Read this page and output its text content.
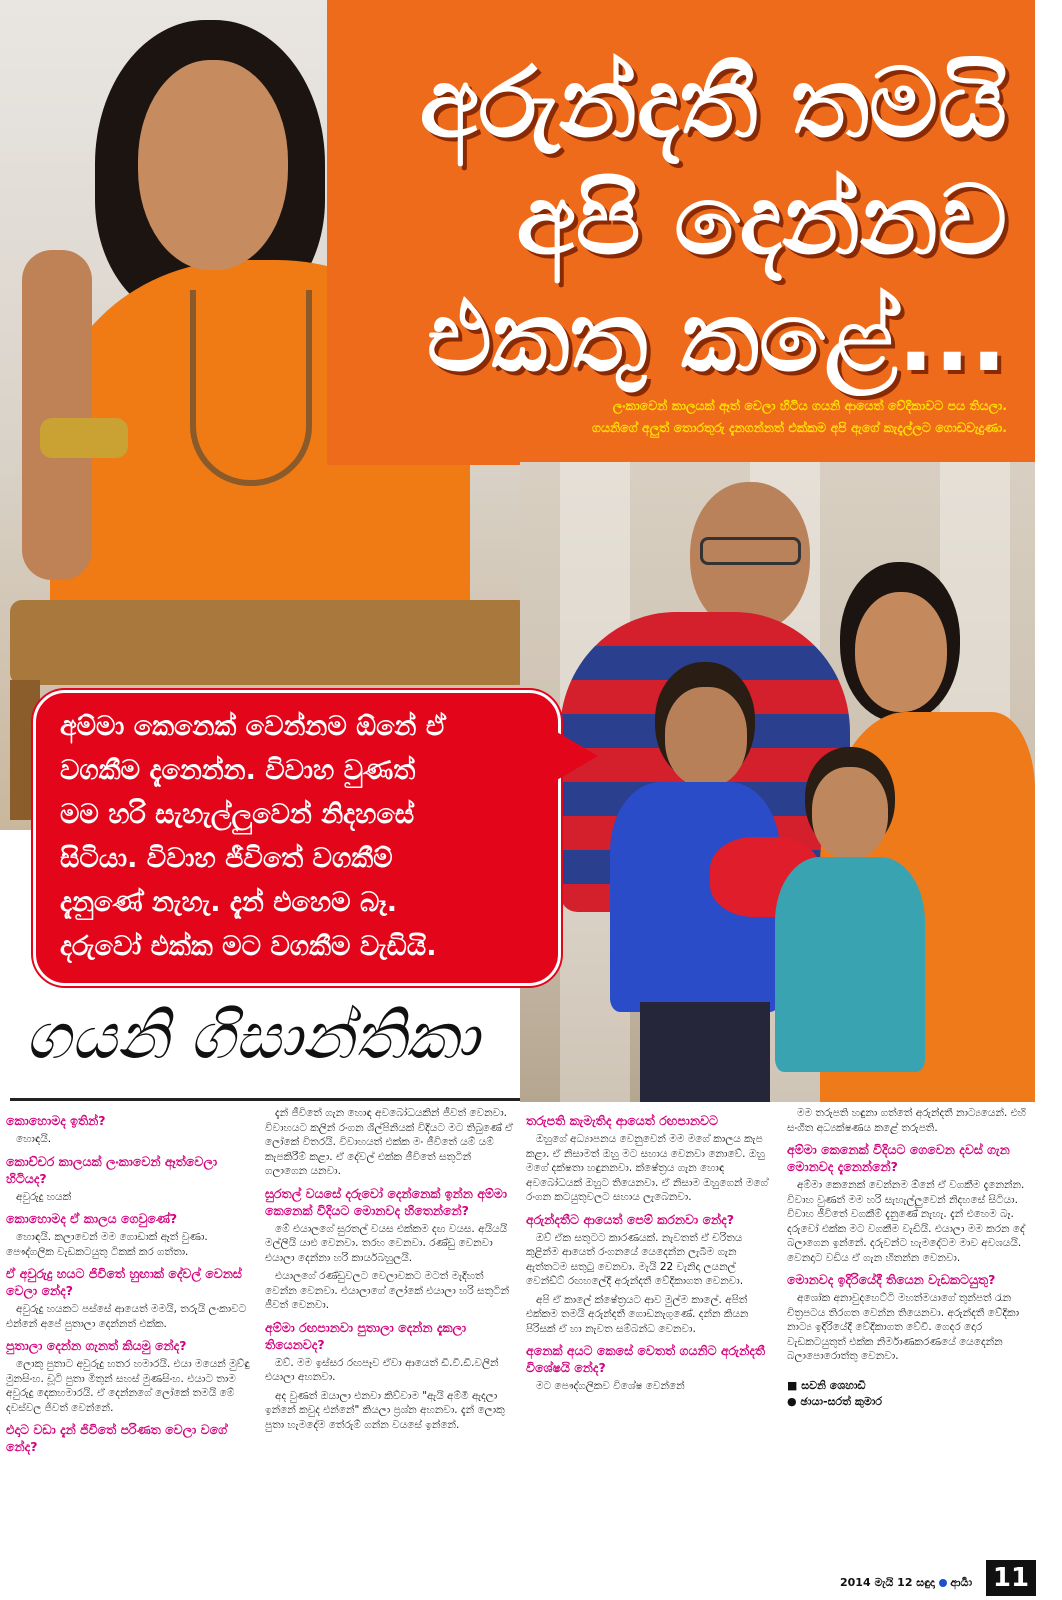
අරුන්දතී තමයි
අපි දෙන්නව
එකතු කළේ...
ලංකාවෙන් කාලයක් ඈත් වෙලා හිටිය ගයනි ආයෙත් වේදිකාවට පය තියලා.
ගයනිගේ අලුත් තොරතුරු දැනගන්නත් එක්කම අපි ඇගේ කැදැල්ලට ගොඩවැදුණා.
අම්මා කෙනෙක් වෙන්නම ඕනේ ඒ
වගකීම දැනෙන්න. විවාහ වුණත්
මම හරි සැහැල්ලුවෙන් නිදහසේ
සිටියා. විවාහ ජීවිතේ වගකීම්
දැනුණේ නැහැ. දැන් එහෙම බෑ.
දරුවෝ එක්ක මට වගකීම වැඩියි.
ගයනි ගිසාන්තිකා
කොහොමද ඉතින්?
හොඳයි.
කොච්චර කාලයක් ලංකාවෙන් ඈත්වෙලා හිටියද?
අවුරුදු හයක්
කොහොමද ඒ කාලය ගෙවුණේ?
හොඳයි. කලාවෙන් මම ගොඩාක් ඈත් වුණා. පෞද්ගලික වැඩකටයුතු ටිකක් කර ගත්තා.
ඒ අවුරුදු හයට ජිවිතේ හුඟාක් දේවල් වෙනස් වෙලා නේද?
අවුරුදු හයකට පස්සේ ආයෙත් මමයි, තරුයි ලංකාවට එන්නේ අපේ පුතාලා දෙන්නත් එක්ක.
පුතාලා දෙන්න ගැනත් කියමු නේද?
ලොකු පුතාට අවුරුදු හතර හමාරයි. එයා මයෙන් මුව්ඳු මුනසිංහ. චූටි පුතා මිතුන් සහස් මුණසිංහ. එයාට තාම අවුරුදු දෙකහමාරයි. ඒ දෙන්නගේ ලෝකේ තමයි මේ දවස්වල ජිවත් වෙන්නේ.
එදාට වඩා දැන් ජිවිතේ පරිණත වෙලා වගේ නේද?
දැන් ජීවිතේ ගැන හොඳ අවබෝධයකින් ජීවත් වෙනවා. විවාහයට කලින් රංගන ශිල්පිනියක් විදියට මට තිබුණේ ඒ ලෝකේ විතරයි. විවාහයත් එක්ක මං ජීවිතේ යම් යම් කැපකිරීම් කළා. ඒ දේවල් එක්ක ජීවිතේ සතුටින් ගලාගෙන යනවා.
සුරතල් වයසේ දරුවෝ දෙන්නෙක් ඉන්න අම්මා කෙනෙක් විදියට මොනවද හිතෙන්නේ?
මේ එයාලගේ සුරතල් වයස එක්කම දඟ වයස. අයියයි මල්ලියි යාළු වෙනවා. තරහ වෙනවා. රණ්ඩු වෙනවා එයාලා දෙන්නා හරි කාර්යබහුලයි.
එයාලගේ රණ්ඩුවලට වෙලාවකට මටත් මැදිහත් වෙන්න වෙනවා. එයාලාගේ ලෝකේ එයාලා හරි සතුටින් ජීවත් වෙනවා.
අම්මා රඟපානවා පුතාලා දෙන්න දැකලා තියෙනවද?
ඔව්. මම ඉස්සර රඟපෑව ඒවා ආයෙත් ඩී.වී.ඩී.වලින් එයාලා අහනවා.
අද වුණත් ඔයාලා එනවා කිව්වාම "ඇයි අම්මී ඇදලා ඉන්නේ කවුද එන්නේ" කියලා ප්‍රශ්න අහනවා. දැන් ලොකු පුතා හැමදේම තේරුම් ගන්න වයසේ ඉන්නේ.
තරුපති කැමැතිද ආයෙත් රඟපානවට
ඔහුගේ අධ්‍යාපනය වෙනුවෙන් මම මගේ කාලය කැප කළා. ඒ නිසාමත් ඔහු මට සහාය වෙනවා නොවේ. ඔහු මගේ දක්ෂතා හඳුනනවා. ක්ෂේත්‍රය ගැන හොඳ අවබෝධයක් ඔහුට තියෙනවා. ඒ නිසාම ඔහුගෙන් මගේ රංගන කටයුතුවලට සහාය ලැබෙනවා.
අරුන්දතීට ආයෙත් පෙම් කරනවා නේද?
ඔව් ඒක සතුටට කාරණයක්. නැවතත් ඒ චරිතය කුළින්ම ආයෙත් රංගනයේ යෙදෙන්න ලැබීම ගැන ඇත්තටම සතුටු වෙනවා. මැයි 22 වැනිදා ලයනල් වෙන්ඩ්ට් රඟහලේදී අරුන්දතී වේදිකාගත වෙනවා.
අපි ඒ කාලේ ක්ෂේත්‍රයට ආව මුල්ම කාලේ. අපිත් එක්කම තමයි අරුන්දතී ගොඩනැගුණේ. දන්න කියන පිරිසක් ඒ හා නැවත සම්බන්ධ වෙනවා.
අනෙක් අයට කෙසේ වෙතත් ගයනිට අරුන්දතී විශේෂයි නේද?
මට පෞද්ගලිකව විශේෂ වෙන්නේ
මම තරුපති හඳුනා ගත්තේ අරුන්දතී නාට්‍යයෙන්. එහි සංගීත අධ්‍යක්ෂණය කළේ තරුපති.
අම්මා කෙනෙක් විදියට ගෙවෙන දවස් ගැන මොනවද දැනෙන්නේ?
අම්මා කෙනෙක් වෙන්නම ඕනේ ඒ වගකීම දැනෙන්න. විවාහ වුණත් මම හරි සැහැල්ලුවෙන් නිදහසේ සිටියා. විවාහ ජීවිතේ වගකීම් දැනුණේ නැහැ. දැන් එහෙම බෑ. දරුවෝ එක්ක මට වගකීම වැඩියි. එයාලා මම කරන දේ බලාගෙන ඉන්නේ. දරුවන්ට හැමදේටම මාව අවශයයි. වෙනදාට වඩිය ඒ ගැන හිතන්න වෙනවා.
මොනවද ඉදිරියේදී තියෙන වැඩකටයුතු?
අශෝක අනාවුදහෙට්ටි මහත්මයාගේ තුන්පත් රැන චිත්‍රපටය තිරගත වෙන්න තියෙනවා. අරුන්දතී වේදිකා නාට්‍ය ඉදිරියේදී වේදිකාගත වේවී. ගෙදර දොර වැඩකටයුතුත් එක්ක නිර්මාණකරණයේ යෙදෙන්න බලාපොරොත්තු වෙනවා.
■ සවනි ශෙහාඩි
● ඡායා-සරත් කුමාර
2014 මැයි 12 සඳුදා ආර්‍යා 11
